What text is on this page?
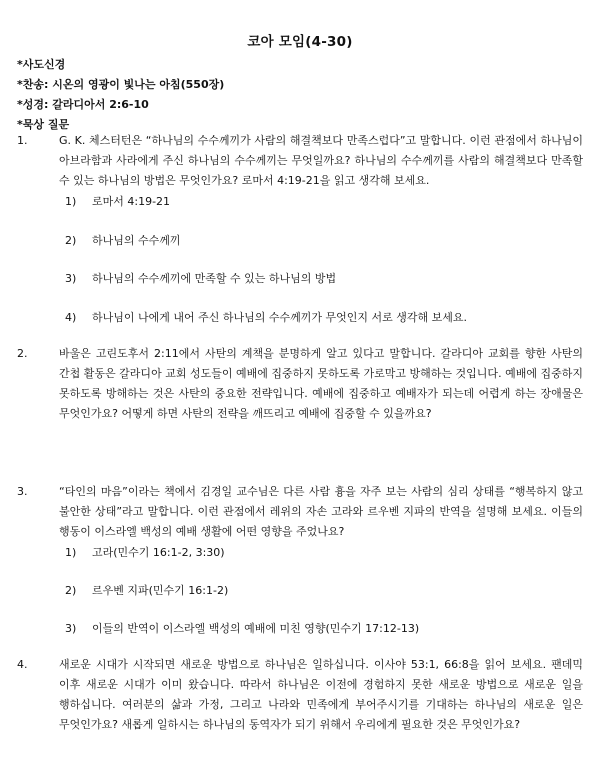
코아 모임(4-30)
*사도신경
*찬송: 시온의 영광이 빛나는 아침(550장)
*성경: 갈라디아서 2:6-10
*묵상 질문
1.	G. K. 체스터턴은 “하나님의 수수께끼가 사람의 해결책보다 만족스럽다”고 말합니다. 이런 관점에서 하나님이 아브라함과 사라에게 주신 하나님의 수수께끼는 무엇일까요? 하나님의 수수께끼를 사람의 해결책보다 만족할 수 있는 하나님의 방법은 무엇인가요? 로마서 4:19-21을 읽고 생각해 보세요.
1) 로마서 4:19-21
2) 하나님의 수수께끼
3) 하나님의 수수께끼에 만족할 수 있는 하나님의 방법
4) 하나님이 나에게 내어 주신 하나님의 수수께끼가 무엇인지 서로 생각해 보세요.
2.	바울은 고린도후서 2:11에서 사탄의 계책을 분명하게 알고 있다고 말합니다. 갈라디아 교회를 향한 사탄의 간첩 활동은 갈라디아 교회 성도들이 예배에 집중하지 못하도록 가로막고 방해하는 것입니다. 예배에 집중하지 못하도록 방해하는 것은 사탄의 중요한 전략입니다. 예배에 집중하고 예배자가 되는데 어렵게 하는 장애물은 무엇인가요? 어떻게 하면 사탄의 전략을 깨뜨리고 예배에 집중할 수 있을까요?
3.	“타인의 마음”이라는 책에서 김경일 교수님은 다른 사람 흉을 자주 보는 사람의 심리 상태를 “행복하지 않고 불안한 상태”라고 말합니다. 이런 관점에서 레위의 자손 고라와 르우벤 지파의 반역을 설명해 보세요. 이들의 행동이 이스라엘 백성의 예배 생활에 어떤 영향을 주었나요?
1) 고라(민수기 16:1-2, 3:30)
2) 르우벤 지파(민수기 16:1-2)
3) 이들의 반역이 이스라엘 백성의 예배에 미친 영향(민수기 17:12-13)
4.	새로운 시대가 시작되면 새로운 방법으로 하나님은 일하십니다. 이사야 53:1, 66:8을 읽어 보세요. 팬데믹 이후 새로운 시대가 이미 왔습니다. 따라서 하나님은 이전에 경험하지 못한 새로운 방법으로 새로운 일을 행하십니다. 여러분의 삶과 가정, 그리고 나라와 민족에게 부어주시기를 기대하는 하나님의 새로운 일은 무엇인가요? 새롭게 일하시는 하나님의 동역자가 되기 위해서 우리에게 필요한 것은 무엇인가요?
